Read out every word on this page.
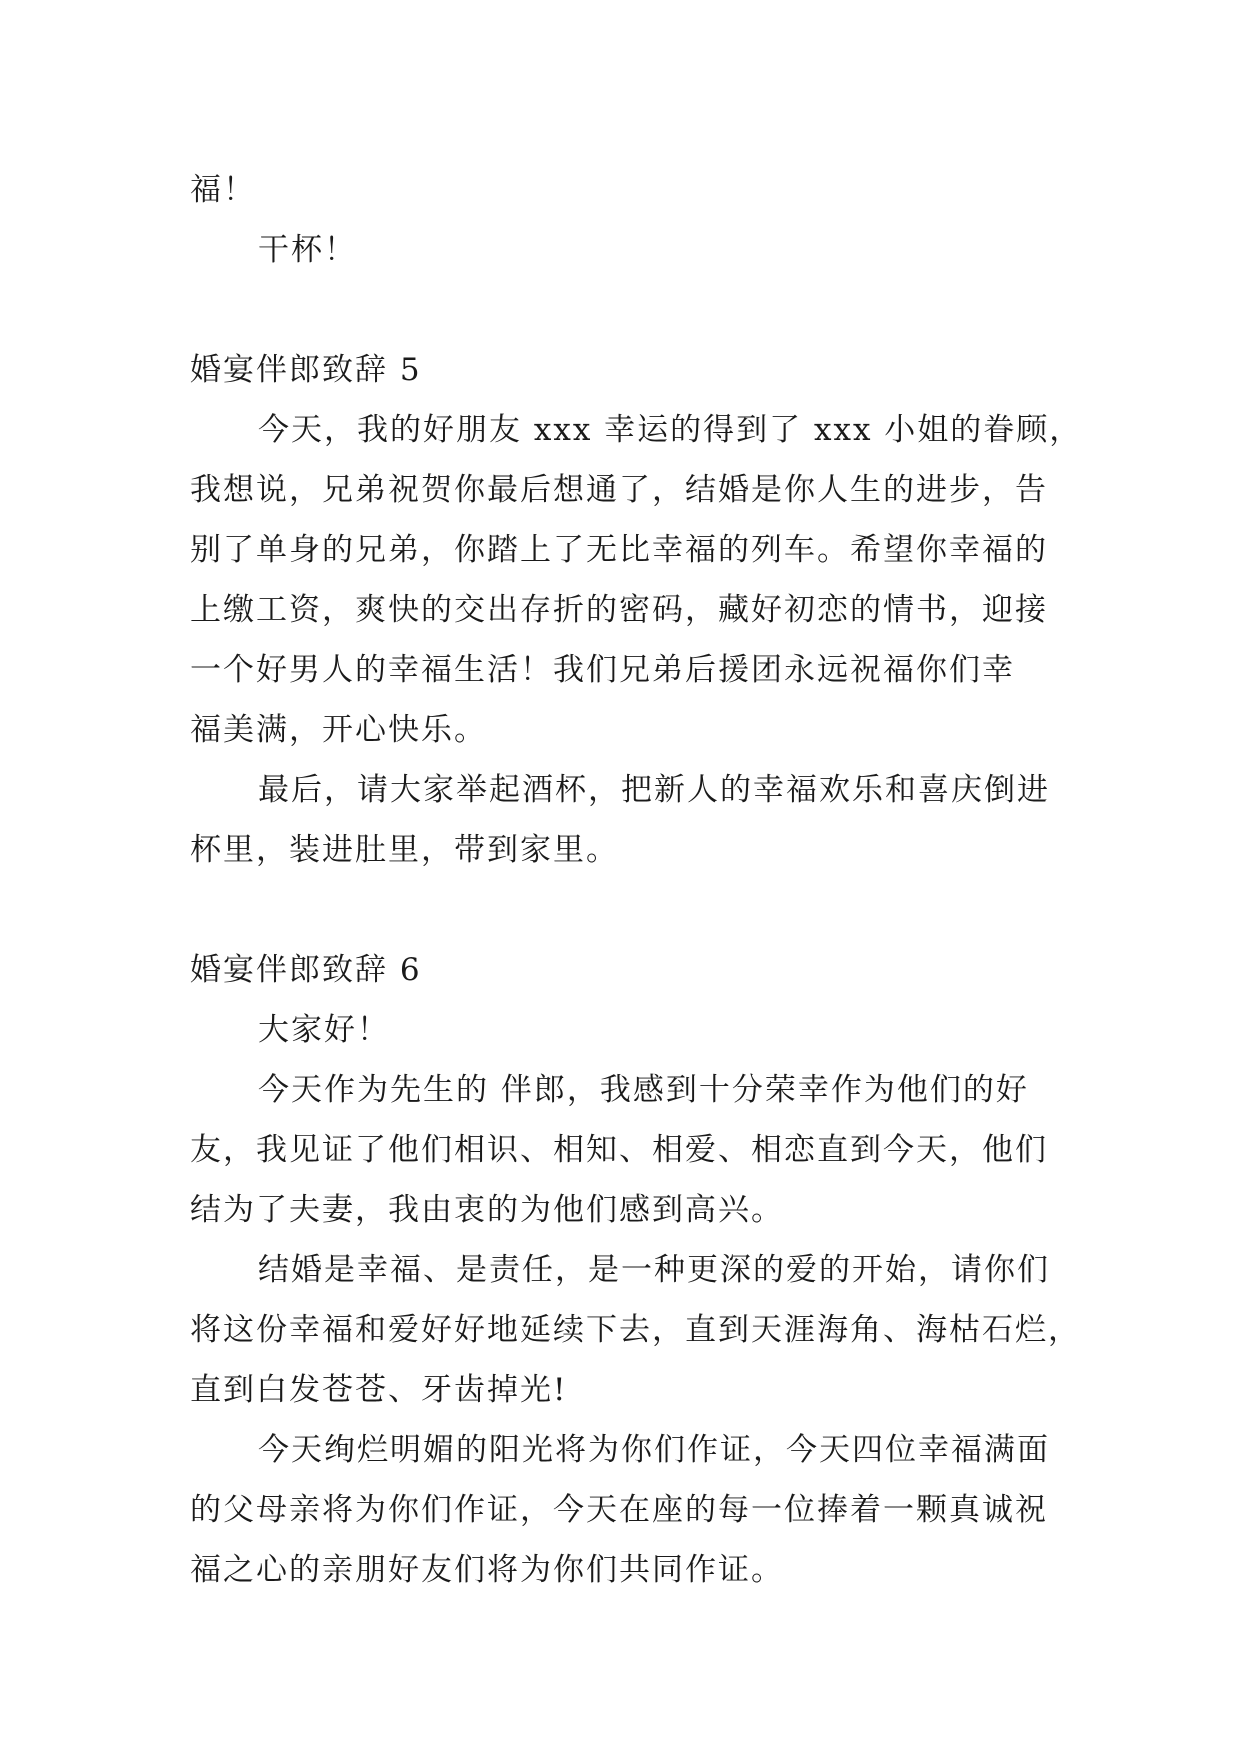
福！
干杯！
婚宴伴郎致辞 5
今天，我的好朋友 xxx 幸运的得到了 xxx 小姐的眷顾，
我想说，兄弟祝贺你最后想通了，结婚是你人生的进步，告
别了单身的兄弟，你踏上了无比幸福的列车。希望你幸福的
上缴工资，爽快的交出存折的密码，藏好初恋的情书，迎接
一个好男人的幸福生活！我们兄弟后援团永远祝福你们幸
福美满，开心快乐。
最后，请大家举起酒杯，把新人的幸福欢乐和喜庆倒进
杯里，装进肚里，带到家里。
婚宴伴郎致辞 6
大家好！
今天作为先生的 伴郎，我感到十分荣幸作为他们的好
友，我见证了他们相识、相知、相爱、相恋直到今天，他们
结为了夫妻，我由衷的为他们感到高兴。
结婚是幸福、是责任，是一种更深的爱的开始，请你们
将这份幸福和爱好好地延续下去，直到天涯海角、海枯石烂，
直到白发苍苍、牙齿掉光!
今天绚烂明媚的阳光将为你们作证，今天四位幸福满面
的父母亲将为你们作证，今天在座的每一位捧着一颗真诚祝
福之心的亲朋好友们将为你们共同作证。
